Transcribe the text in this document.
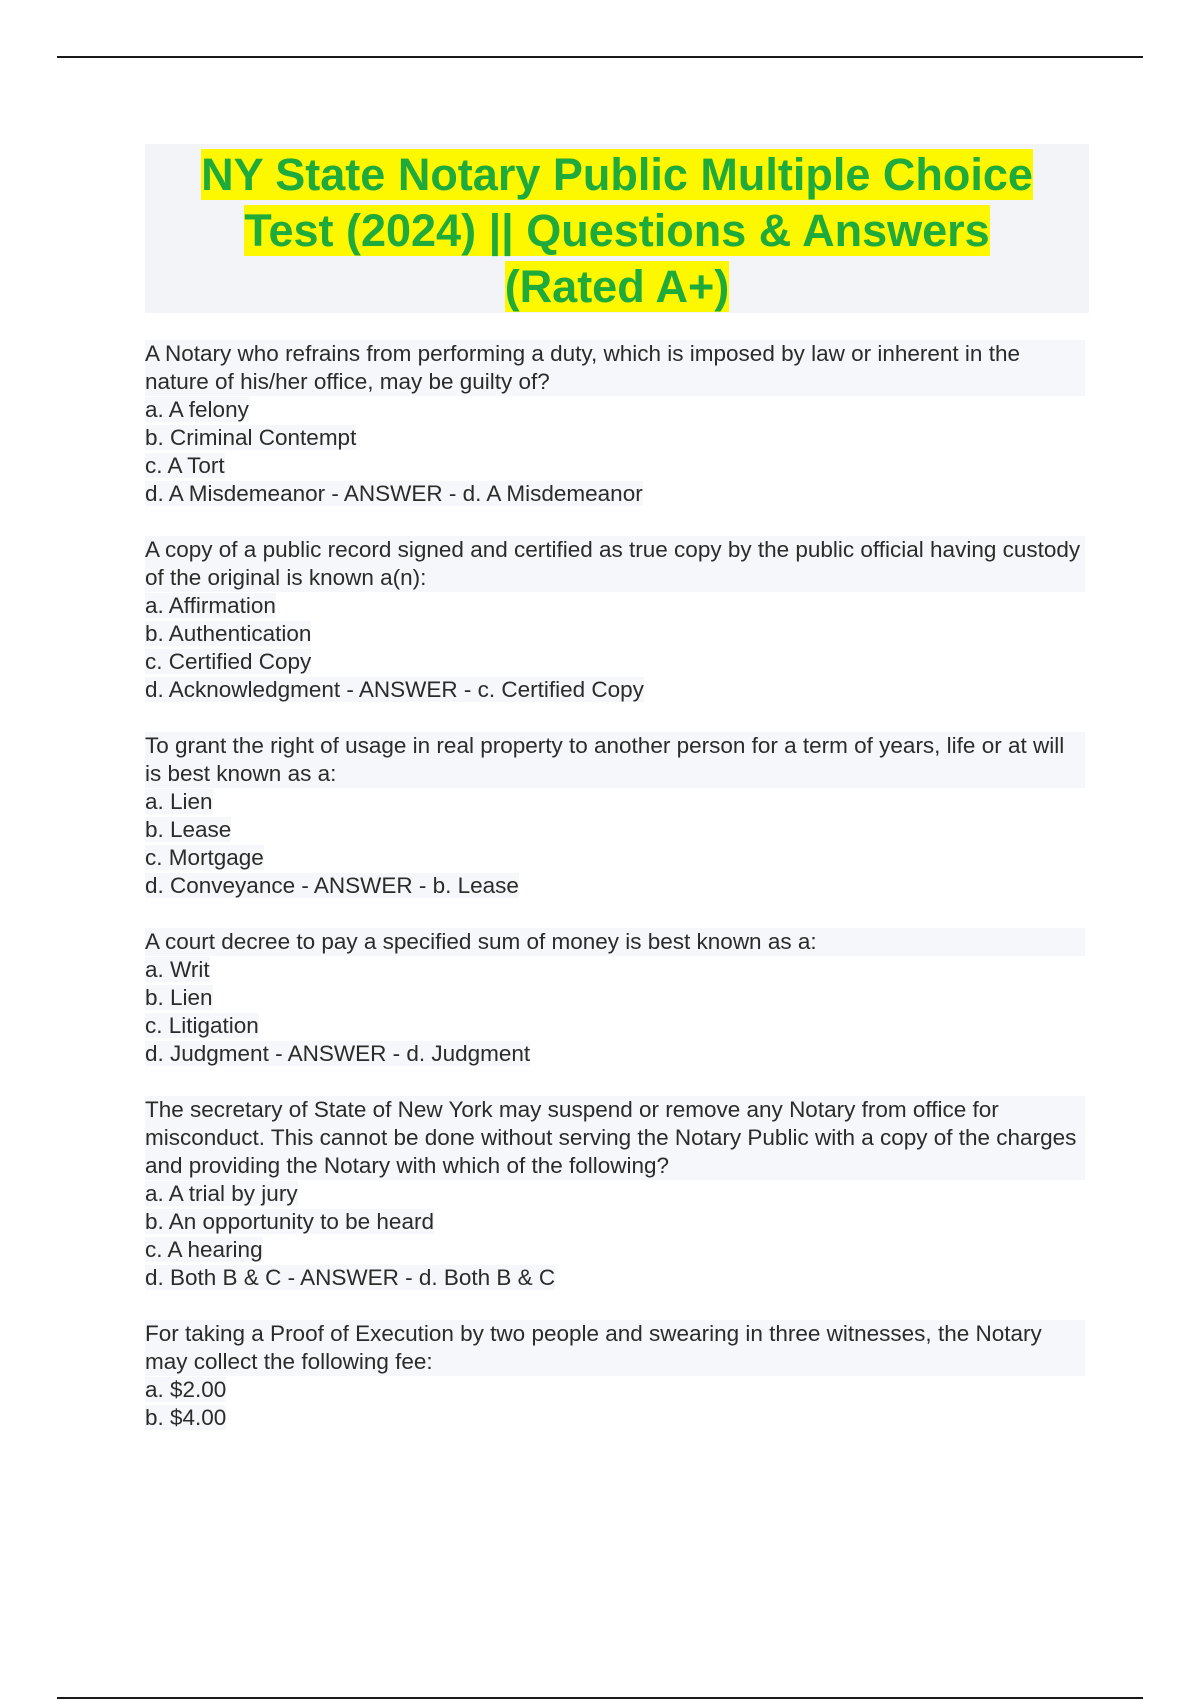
NY State Notary Public Multiple Choice
Test (2024) || Questions & Answers
(Rated A+)

A Notary who refrains from performing a duty, which is imposed by law or inherent in the nature of his/her office, may be guilty of?

a. A felony
b. Criminal Contempt
c. A Tort
d. A Misdemeanor - ANSWER - d. A Misdemeanor

A copy of a public record signed and certified as true copy by the public official having custody of the original is known a(n):

a. Affirmation
b. Authentication
c. Certified Copy
d. Acknowledgment - ANSWER - c. Certified Copy

To grant the right of usage in real property to another person for a term of years, life or at will is best known as a:

a. Lien
b. Lease
c. Mortgage
d. Conveyance - ANSWER - b. Lease

A court decree to pay a specified sum of money is best known as a:

a. Writ
b. Lien
c. Litigation
d. Judgment - ANSWER - d. Judgment

The secretary of State of New York may suspend or remove any Notary from office for misconduct. This cannot be done without serving the Notary Public with a copy of the charges and providing the Notary with which of the following?

a. A trial by jury
b. An opportunity to be heard
c. A hearing
d. Both B & C - ANSWER - d. Both B & C

For taking a Proof of Execution by two people and swearing in three witnesses, the Notary may collect the following fee:

a. $2.00
b. $4.00
